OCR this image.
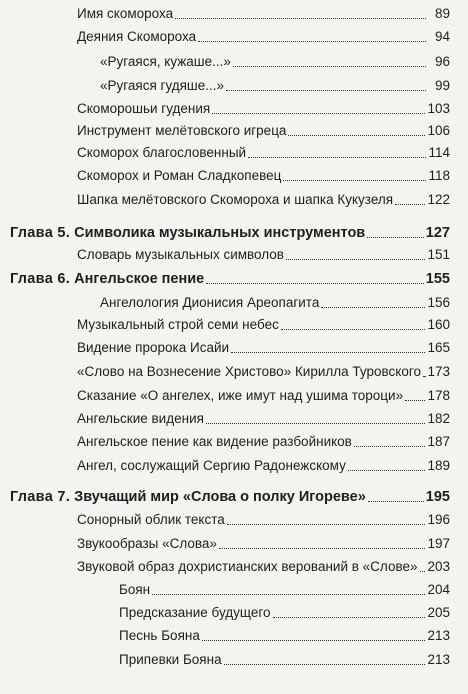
Имя скомороха	89
Деяния Скомороха	94
«Ругаяся, кужаше...»	96
«Ругаяся гудяше...»	99
Скоморошьи гудения	103
Инструмент мелётовского игреца	106
Скоморох благословенный	114
Скоморох и Роман Сладкопевец	118
Шапка мелётовского Скомороха и шапка Кукузеля	122
Глава 5. Символика музыкальных инструментов	127
Словарь музыкальных символов	151
Глава 6. Ангельское пение	155
Ангелология Дионисия Ареопагита	156
Музыкальный строй семи небес	160
Видение пророка Исайи	165
«Слово на Вознесение Христово» Кирилла Туровского 173
Сказание «О ангелех, иже имут над ушима тороци» 178
Ангельские видения	182
Ангельское пение как видение разбойников	187
Ангел, сослужащий Сергию Радонежскому	189
Глава 7. Звучащий мир «Слова о полку Игореве»	195
Сонорный облик текста	196
Звукообразы «Слова»	197
Звуковой образ дохристианских верований в «Слове» 203
Боян	204
Предсказание будущего	205
Песнь Бояна	213
Припевки Бояна	213
